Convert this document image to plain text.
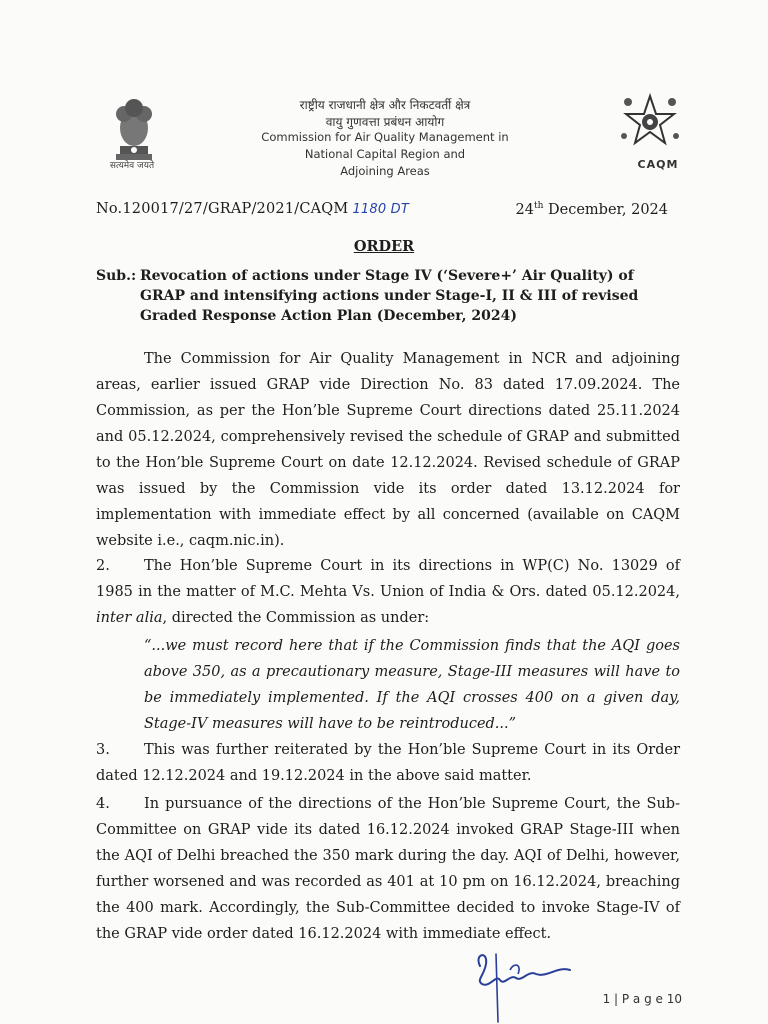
सत्यमेव जयते
राष्ट्रीय राजधानी क्षेत्र और निकटवर्ती क्षेत्र
वायु गुणवत्ता प्रबंधन आयोग
Commission for Air Quality Management in
National Capital Region and
Adjoining Areas	CAQM
No.120017/27/GRAP/2021/CAQM 1180 DT	24th December, 2024
ORDER
Sub.: Revocation of actions under Stage IV (‘Severe+’ Air Quality) of
GRAP and intensifying actions under Stage-I, II & III of revised
Graded Response Action Plan (December, 2024)
The Commission for Air Quality Management in NCR and adjoining areas, earlier issued GRAP vide Direction No. 83 dated 17.09.2024. The Commission, as per the Hon’ble Supreme Court directions dated 25.11.2024 and 05.12.2024, comprehensively revised the schedule of GRAP and submitted to the Hon’ble Supreme Court on date 12.12.2024. Revised schedule of GRAP was issued by the Commission vide its order dated 13.12.2024 for implementation with immediate effect by all concerned (available on CAQM website i.e., caqm.nic.in).
2. The Hon’ble Supreme Court in its directions in WP(C) No. 13029 of 1985 in the matter of M.C. Mehta Vs. Union of India & Ors. dated 05.12.2024, inter alia, directed the Commission as under:
“...we must record here that if the Commission finds that the AQI goes above 350, as a precautionary measure, Stage-III measures will have to be immediately implemented. If the AQI crosses 400 on a given day, Stage-IV measures will have to be reintroduced...”
3. This was further reiterated by the Hon’ble Supreme Court in its Order dated 12.12.2024 and 19.12.2024 in the above said matter.
4. In pursuance of the directions of the Hon’ble Supreme Court, the Sub-Committee on GRAP vide its dated 16.12.2024 invoked GRAP Stage-III when the AQI of Delhi breached the 350 mark during the day. AQI of Delhi, however, further worsened and was recorded as 401 at 10 pm on 16.12.2024, breaching the 400 mark. Accordingly, the Sub-Committee decided to invoke Stage-IV of the GRAP vide order dated 16.12.2024 with immediate effect.
1 | P a g e 10
